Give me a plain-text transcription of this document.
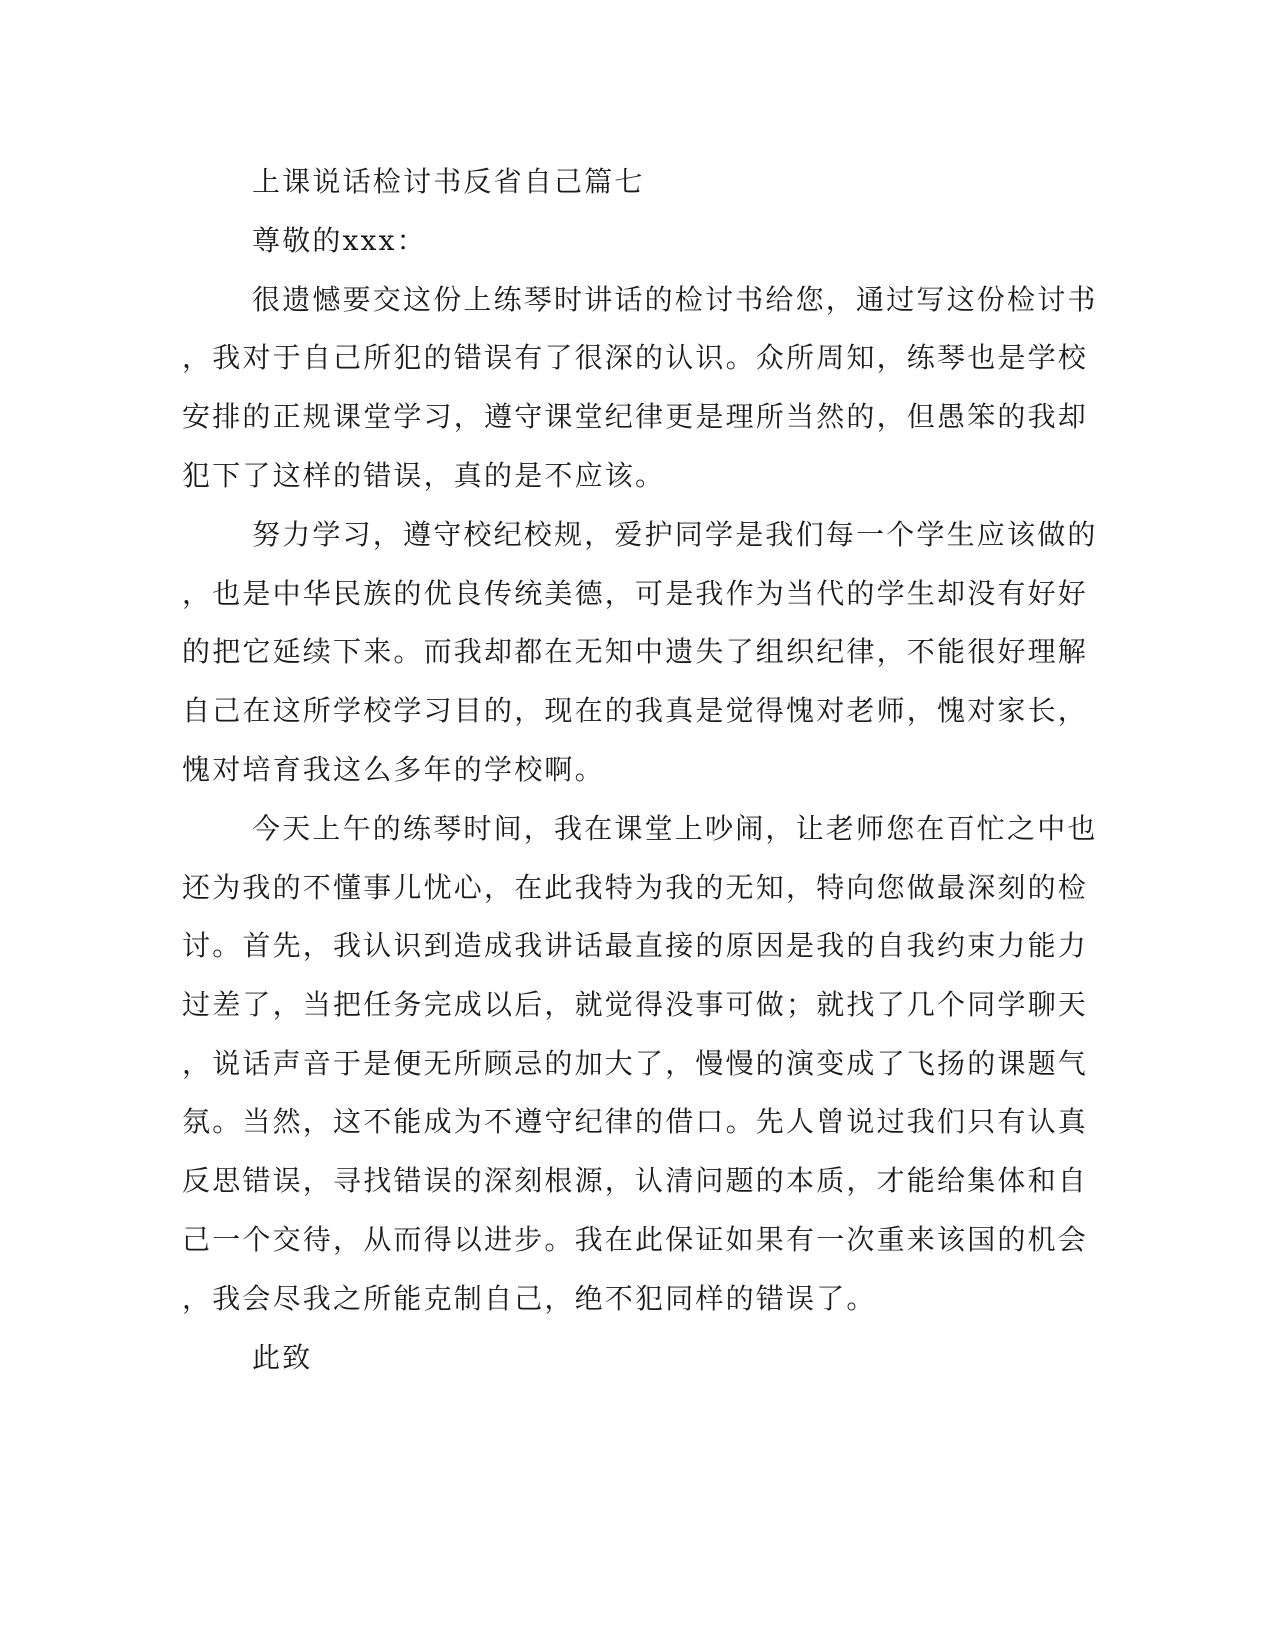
上课说话检讨书反省自己篇七
尊敬的xxx：
很遗憾要交这份上练琴时讲话的检讨书给您，通过写这份检讨书
，我对于自己所犯的错误有了很深的认识。众所周知，练琴也是学校
安排的正规课堂学习，遵守课堂纪律更是理所当然的，但愚笨的我却
犯下了这样的错误，真的是不应该。
努力学习，遵守校纪校规，爱护同学是我们每一个学生应该做的
，也是中华民族的优良传统美德，可是我作为当代的学生却没有好好
的把它延续下来。而我却都在无知中遗失了组织纪律，不能很好理解
自己在这所学校学习目的，现在的我真是觉得愧对老师，愧对家长，
愧对培育我这么多年的学校啊。
今天上午的练琴时间，我在课堂上吵闹，让老师您在百忙之中也
还为我的不懂事儿忧心，在此我特为我的无知，特向您做最深刻的检
讨。首先，我认识到造成我讲话最直接的原因是我的自我约束力能力
过差了，当把任务完成以后，就觉得没事可做；就找了几个同学聊天
，说话声音于是便无所顾忌的加大了，慢慢的演变成了飞扬的课题气
氛。当然，这不能成为不遵守纪律的借口。先人曾说过我们只有认真
反思错误，寻找错误的深刻根源，认清问题的本质，才能给集体和自
己一个交待，从而得以进步。我在此保证如果有一次重来该国的机会
，我会尽我之所能克制自己，绝不犯同样的错误了。
此致
